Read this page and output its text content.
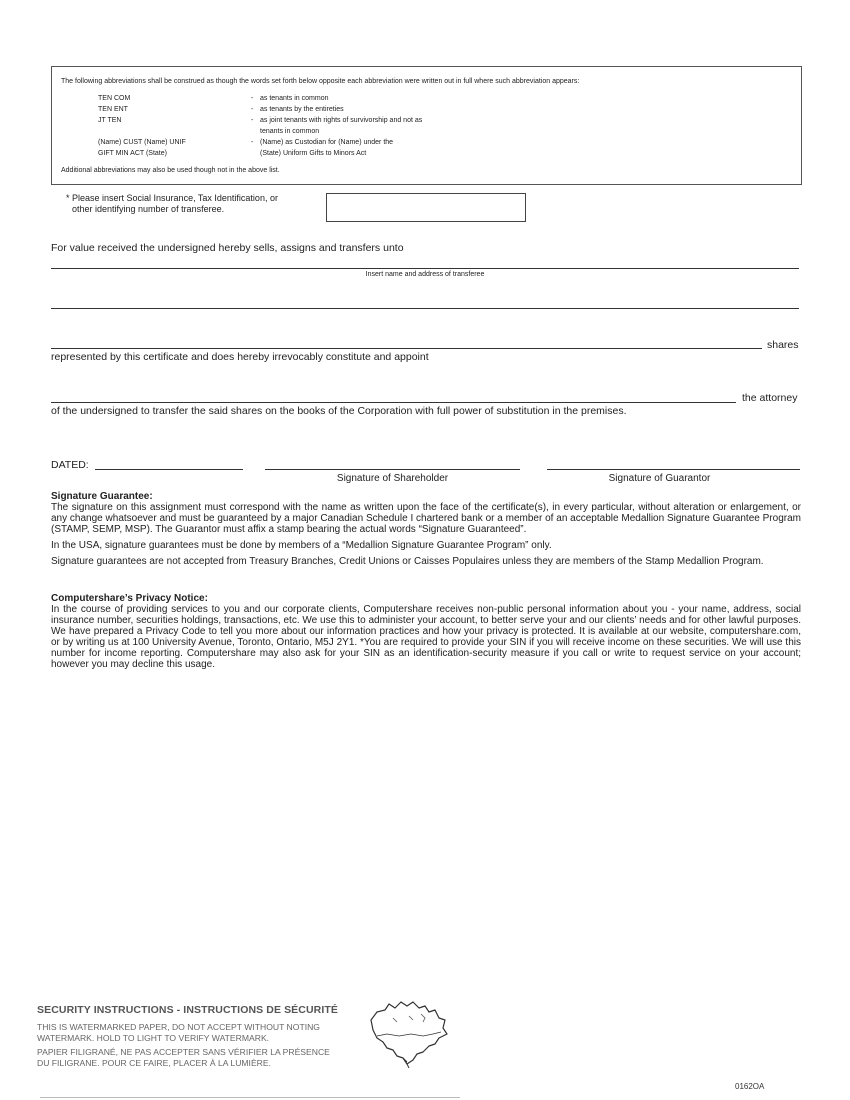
The following abbreviations shall be construed as though the words set forth below opposite each abbreviation were written out in full where such abbreviation appears:
TEN COM	- as tenants in common
TEN ENT	- as tenants by the entireties
JT TEN	- as joint tenants with rights of survivorship and not as
tenants in common
(Name) CUST (Name) UNIF	- (Name) as Custodian for (Name) under the
GIFT MIN ACT (State)	(State) Uniform Gifts to Minors Act
Additional abbreviations may also be used though not in the above list.
* Please insert Social Insurance, Tax Identification, or
other identifying number of transferee.
For value received the undersigned hereby sells, assigns and transfers unto
Insert name and address of transferee
shares
represented by this certificate and does hereby irrevocably constitute and appoint
the attorney
of the undersigned to transfer the said shares on the books of the Corporation with full power of substitution in the premises.
DATED:
Signature of Shareholder	Signature of Guarantor

Signature Guarantee:

The signature on this assignment must correspond with the name as written upon the face of the certificate(s), in every particular, without alteration or enlargement, or any change whatsoever and must be guaranteed by a major Canadian Schedule I chartered bank or a member of an acceptable Medallion Signature Guarantee Program (STAMP, SEMP, MSP). The Guarantor must affix a stamp bearing the actual words “Signature Guaranteed”.

In the USA, signature guarantees must be done by members of a “Medallion Signature Guarantee Program” only.

Signature guarantees are not accepted from Treasury Branches, Credit Unions or Caisses Populaires unless they are members of the Stamp Medallion Program.

Computershare’s Privacy Notice:

In the course of providing services to you and our corporate clients, Computershare receives non-public personal information about you - your name, address, social insurance number, securities holdings, transactions, etc. We use this to administer your account, to better serve your and our clients’ needs and for other lawful purposes. We have prepared a Privacy Code to tell you more about our information practices and how your privacy is protected. It is available at our website, computershare.com, or by writing us at 100 University Avenue, Toronto, Ontario, M5J 2Y1. *You are required to provide your SIN if you will receive income on these securities. We will use this number for income reporting. Computershare may also ask for your SIN as an identification-security measure if you call or write to request service on your account; however you may decline this usage.

SECURITY INSTRUCTIONS - INSTRUCTIONS DE SÉCURITÉ
THIS IS WATERMARKED PAPER, DO NOT ACCEPT WITHOUT NOTING
WATERMARK. HOLD TO LIGHT TO VERIFY WATERMARK.
PAPIER FILIGRANÉ, NE PAS ACCEPTER SANS VÉRIFIER LA PRÉSENCE
DU FILIGRANE. POUR CE FAIRE, PLACER À LA LUMIÈRE.
0162OA
